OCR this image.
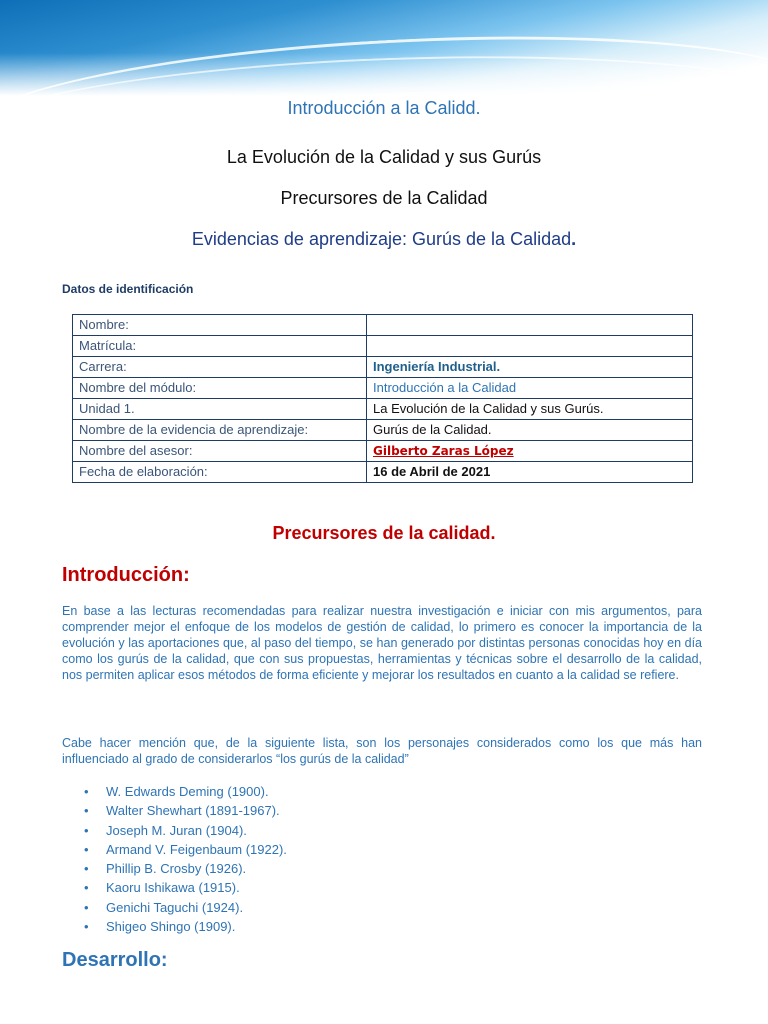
Introducción a la Calidd.
La Evolución de la Calidad y sus Gurús
Precursores de la Calidad
Evidencias de aprendizaje: Gurús de la Calidad.
Datos de identificación
Nombre:	
Matrícula:	
Carrera:	Ingeniería Industrial.
Nombre del módulo:	Introducción a la Calidad
Unidad 1.	La Evolución de la Calidad y sus Gurús.
Nombre de la evidencia de aprendizaje:	Gurús de la Calidad.
Nombre del asesor:	Gilberto Zaras López
Fecha de elaboración:	16 de Abril de 2021
Precursores de la calidad.
Introducción:
En base a las lecturas recomendadas para realizar nuestra investigación e iniciar con mis argumentos, para comprender mejor el enfoque de los modelos de gestión de calidad, lo primero es conocer la importancia de la evolución y las aportaciones que, al paso del tiempo, se han generado por distintas personas conocidas hoy en día como los gurús de la calidad, que con sus propuestas, herramientas y técnicas sobre el desarrollo de la calidad, nos permiten aplicar esos métodos de forma eficiente y mejorar los resultados en cuanto a la calidad se refiere.
Cabe hacer mención que, de la siguiente lista, son los personajes considerados como los que más han influenciado al grado de considerarlos “los gurús de la calidad”
• W. Edwards Deming (1900).
• Walter Shewhart (1891-1967).
• Joseph M. Juran (1904).
• Armand V. Feigenbaum (1922).
• Phillip B. Crosby (1926).
• Kaoru Ishikawa (1915).
• Genichi Taguchi (1924).
• Shigeo Shingo (1909).
Desarrollo:
